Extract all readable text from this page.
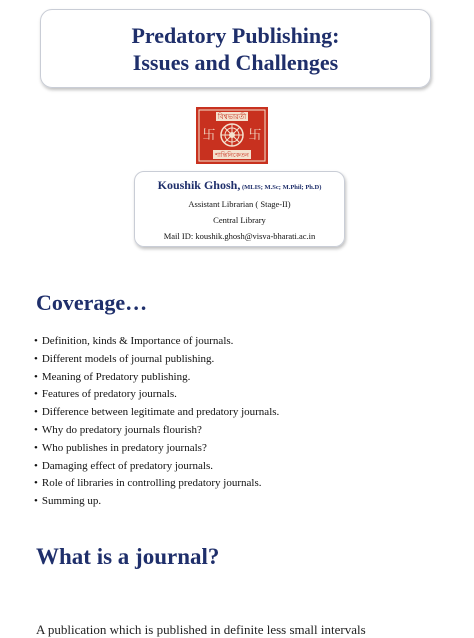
Predatory Publishing:
Issues and Challenges
বিশ্বভারতী
卐	卐
শান্তিনিকেতন
Koushik Ghosh, (MLIS; M.Sc; M.Phil; Ph.D)
Assistant Librarian ( Stage-II)
Central Library
Mail ID: koushik.ghosh@visva-bharati.ac.in
Coverage…
• Definition, kinds & Importance of journals.
• Different models of journal publishing.
• Meaning of Predatory publishing.
• Features of predatory journals.
• Difference between legitimate and predatory journals.
• Why do predatory journals flourish?
• Who publishes in predatory journals?
• Damaging effect of predatory journals.
• Role of libraries in controlling predatory journals.
• Summing up.
What is a journal?
A publication which is published in definite less small intervals
